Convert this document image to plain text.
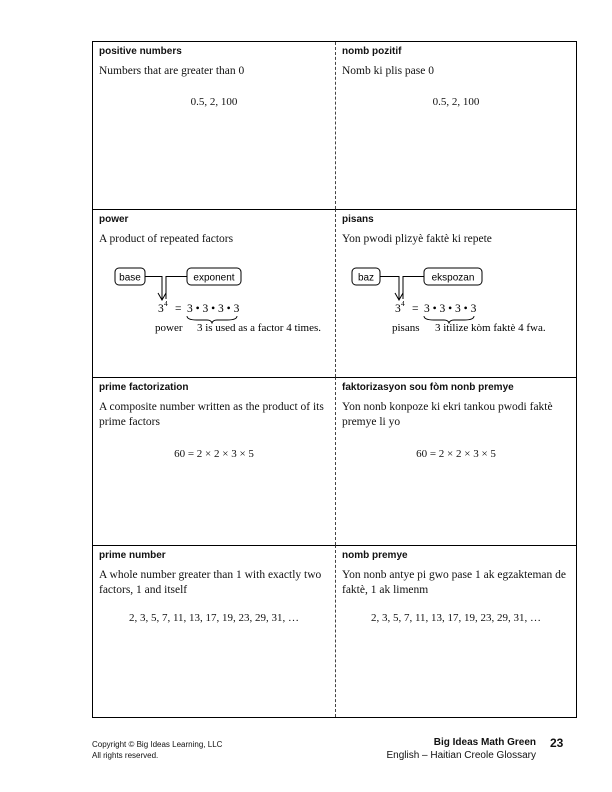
positive numbers
Numbers that are greater than 0
0.5, 2, 100
nomb pozitif
Nomb ki plis pase 0
0.5, 2, 100
power
A product of repeated factors
base	exponent
3 4 = 3 • 3 • 3 • 3
power 3 is used as a factor 4 times.
pisans
Yon pwodi plizyè faktè ki repete
baz	ekspozan
3 4 = 3 • 3 • 3 • 3
pisans 3 itilize kòm faktè 4 fwa.
prime factorization
A composite number written as the product of its prime factors
60 = 2 × 2 × 3 × 5
faktorizasyon sou fòm nonb premye
Yon nonb konpoze ki ekri tankou pwodi faktè premye li yo
60 = 2 × 2 × 3 × 5
prime number
A whole number greater than 1 with exactly two factors, 1 and itself
2, 3, 5, 7, 11, 13, 17, 19, 23, 29, 31, …
nomb premye
Yon nonb antye pi gwo pase 1 ak egzakteman de faktè, 1 ak limenm
2, 3, 5, 7, 11, 13, 17, 19, 23, 29, 31, …
Copyright © Big Ideas Learning, LLC
All rights reserved.
Big Ideas Math Green
English – Haitian Creole Glossary
23
